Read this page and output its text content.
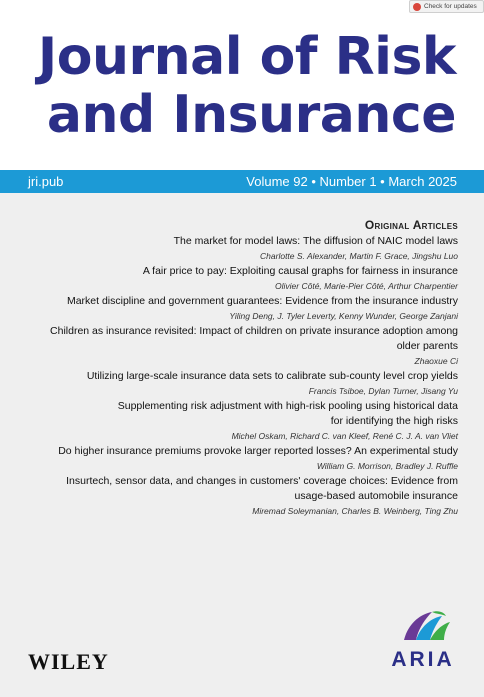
Check for updates
Journal of Risk
and Insurance
jri.pub	Volume 92 • Number 1 • March 2025
Original Articles
The market for model laws: The diffusion of NAIC model laws
Charlotte S. Alexander, Martin F. Grace, Jingshu Luo
A fair price to pay: Exploiting causal graphs for fairness in insurance
Olivier Côté, Marie-Pier Côté, Arthur Charpentier
Market discipline and government guarantees: Evidence from the insurance industry
Yiling Deng, J. Tyler Leverty, Kenny Wunder, George Zanjani
Children as insurance revisited: Impact of children on private insurance adoption among
older parents
Zhaoxue Ci
Utilizing large-scale insurance data sets to calibrate sub-county level crop yields
Francis Tsiboe, Dylan Turner, Jisang Yu
Supplementing risk adjustment with high-risk pooling using historical data
for identifying the high risks
Michel Oskam, Richard C. van Kleef, René C. J. A. van Vliet
Do higher insurance premiums provoke larger reported losses? An experimental study
William G. Morrison, Bradley J. Ruffle
Insurtech, sensor data, and changes in customers' coverage choices: Evidence from
usage-based automobile insurance
Miremad Soleymanian, Charles B. Weinberg, Ting Zhu
WILEY	ARIA
